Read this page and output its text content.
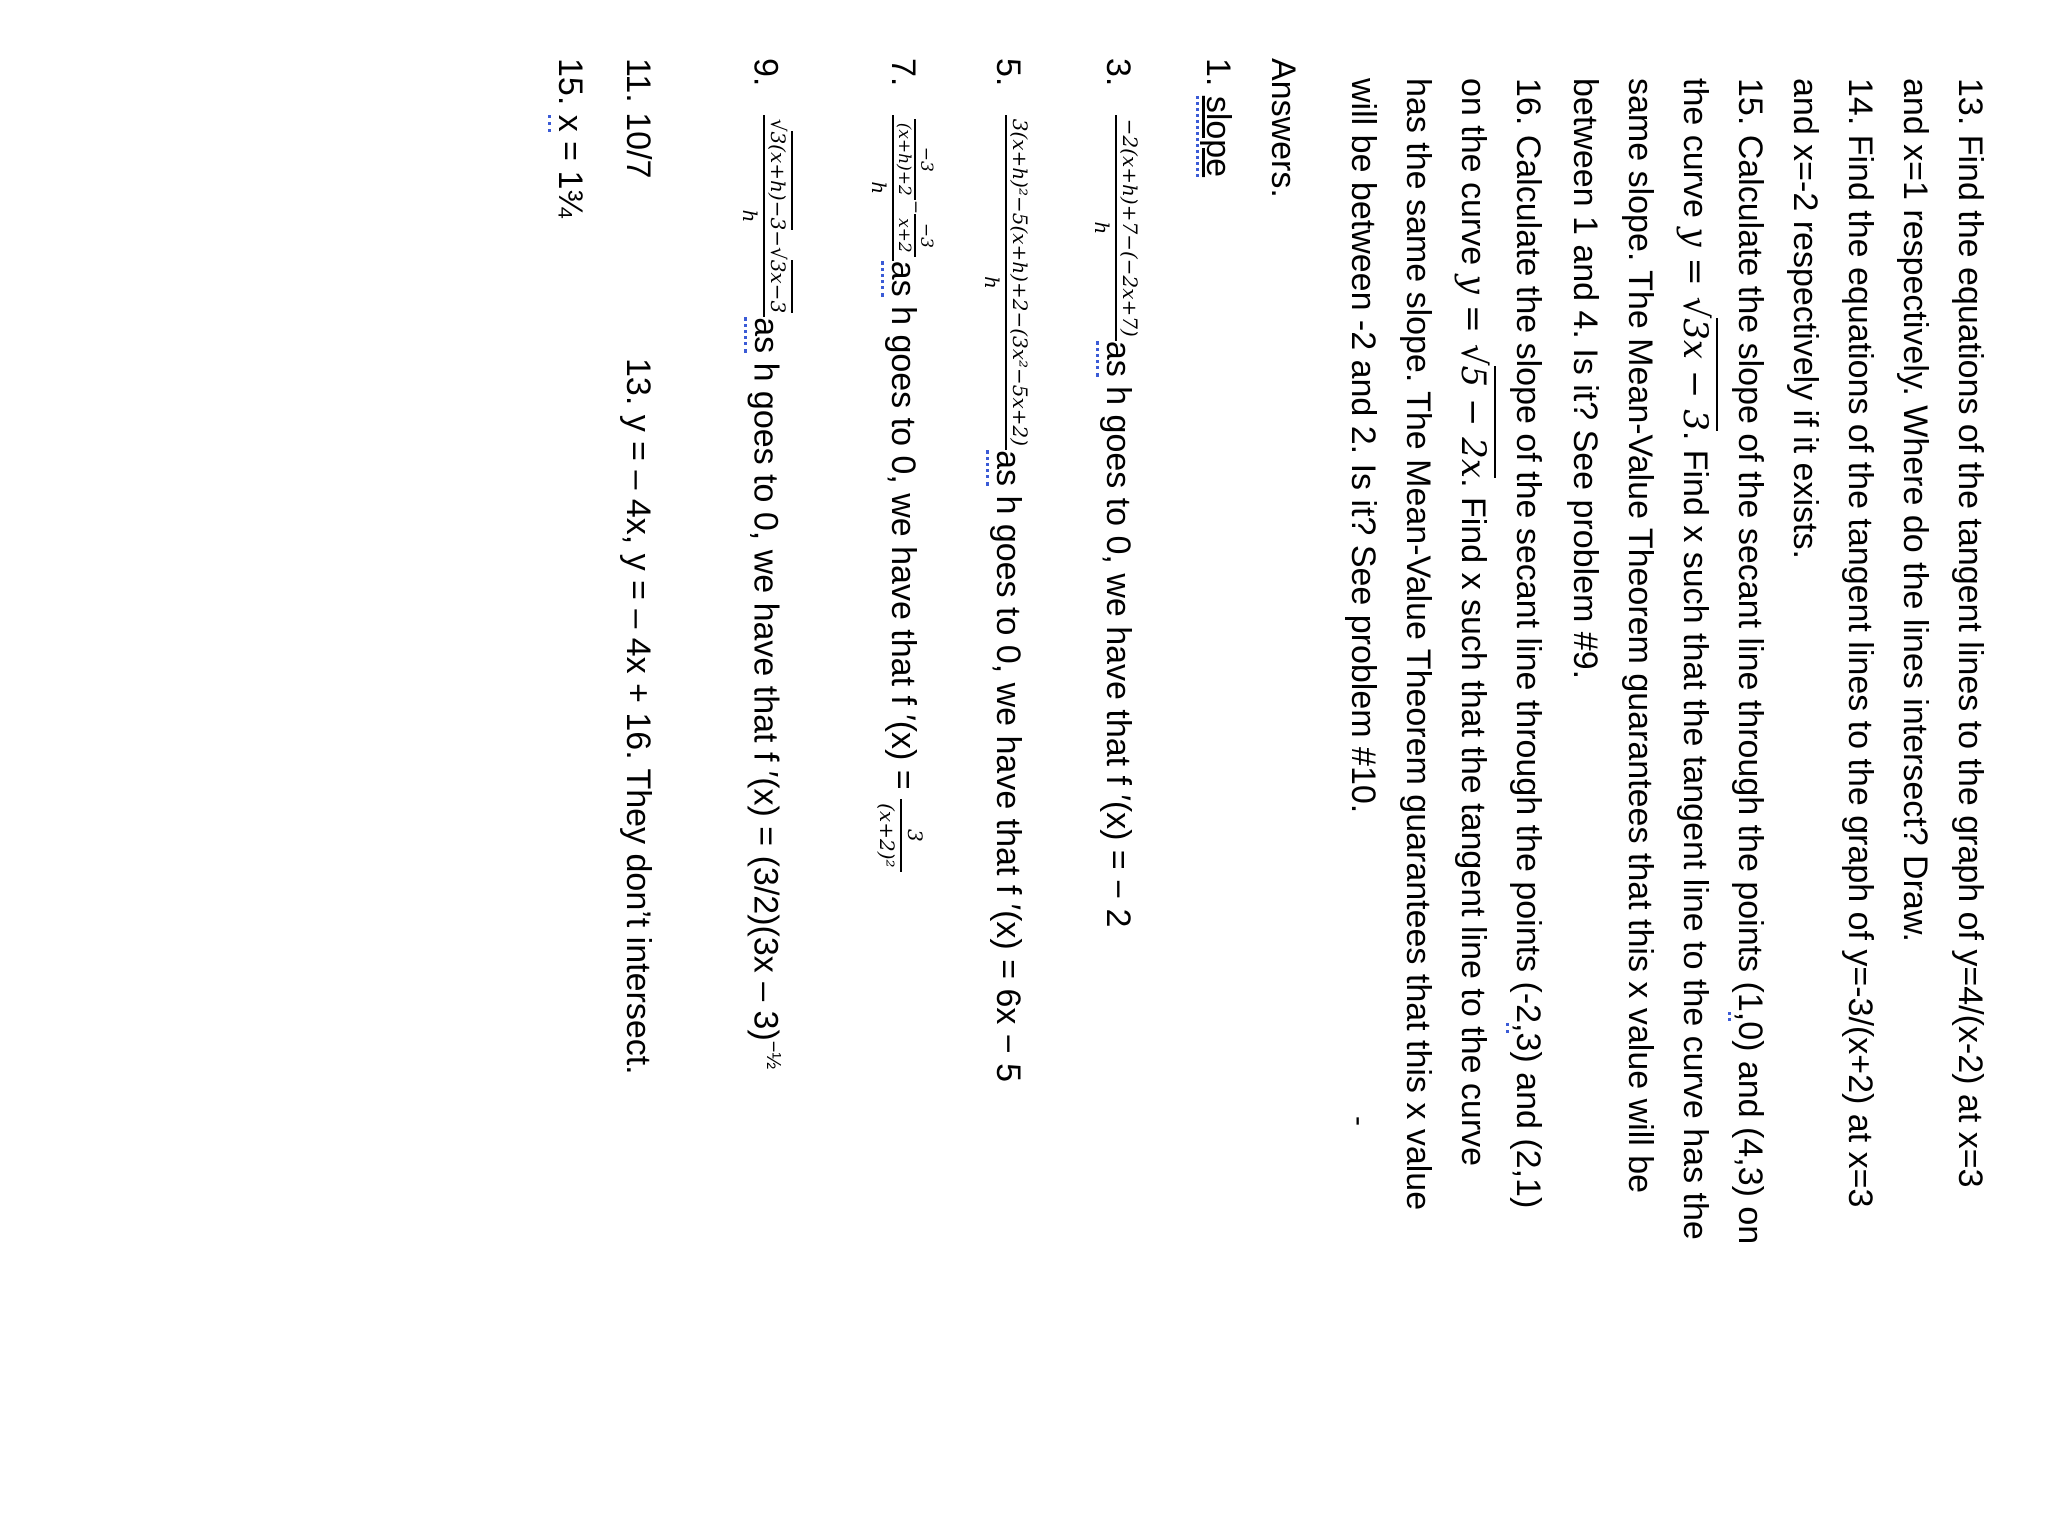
13. Find the equations of the tangent lines to the graph of y=4/(x-2) at x=3
and x=1 respectively. Where do the lines intersect? Draw.
14. Find the equations of the tangent lines to the graph of y=-3/(x+2) at x=3
and x=-2 respectively if it exists.
15. Calculate the slope of the secant line through the points (1,0) and (4,3) on
the curve y = √3x − 3. Find x such that the tangent line to the curve has the
same slope. The Mean-Value Theorem guarantees that this x value will be
between 1 and 4. Is it? See problem #9.
16. Calculate the slope of the secant line through the points (-2,3) and (2,1)
on the curve y = √5 − 2x. Find x such that the tangent line to the curve
has the same slope. The Mean-Value Theorem guarantees that this x value
will be between -2 and 2. Is it? See problem #10.
-
Answers.
1. slope
3.
−2(x+h)+7−(−2x+7)
h
as h goes to 0, we have that f ′(x) = − 2
5.
3(x+h)²−5(x+h)+2−(3x²−5x+2)
h
as h goes to 0, we have that f ′(x) = 6x − 5
7.
−3
(x+h)+2
−
−3
x+2
h
as h goes to 0, we have that f ′(x) =
3
(x+2)²
9.
√3(x+h)−3−√3x−3
h
as h goes to 0, we have that f ′(x) = (3/2)(3x – 3)$^{-\frac{1}{2}}$
11. 10/7
13. y = – 4x, y = – 4x + 16. They don’t intersect.
15. x = 1¾
